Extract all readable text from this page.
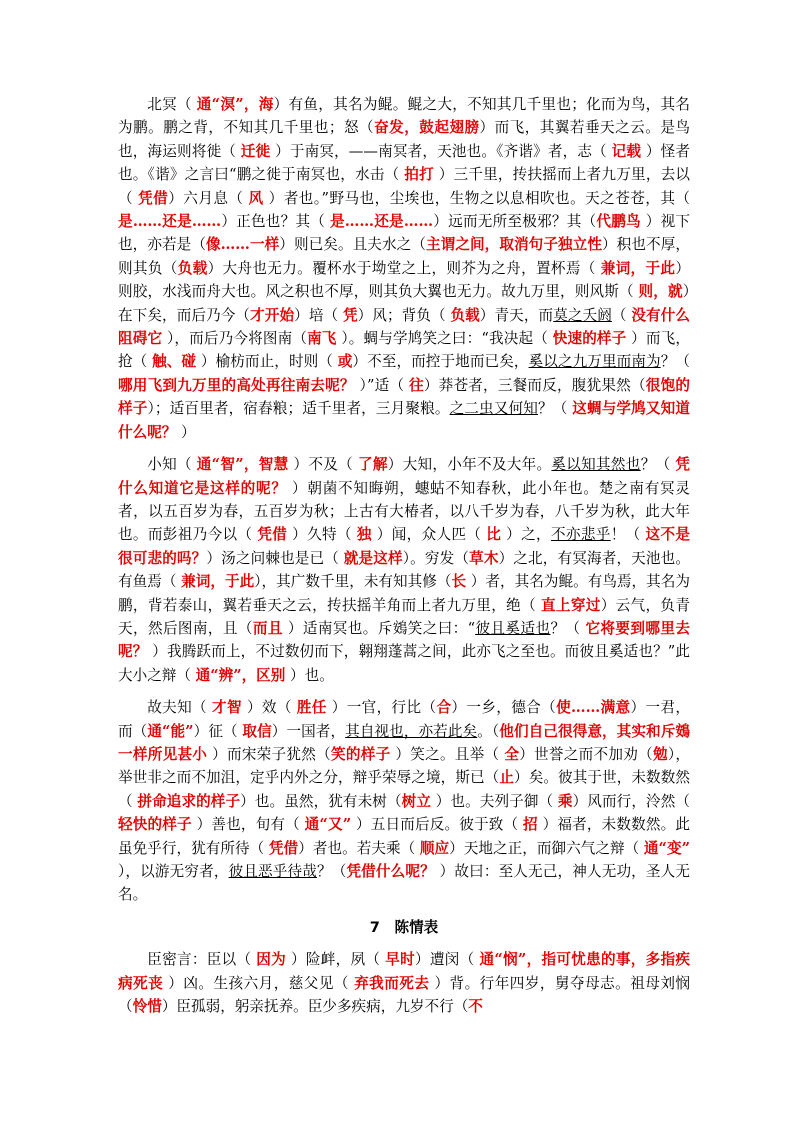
北冥（ 通“溟”，海）有鱼，其名为鲲。鲲之大，不知其几千里也；化而为鸟，其名为鹏。鹏之背，不知其几千里也；怒（奋发，鼓起翅膀）而飞，其翼若垂天之云。是鸟也，海运则将徙（ 迁徙 ）于南冥，——南冥者，天池也。《齐谐》者，志（ 记载 ）怪者也。《谐》之言曰“鹏之徙于南冥也，水击（ 拍打 ）三千里，抟扶摇而上者九万里，去以（ 凭借）六月息（ 风 ）者也。”野马也，尘埃也，生物之以息相吹也。天之苍苍，其（ 是……还是……）正色也？其（ 是……还是……）远而无所至极邪？其（代鹏鸟 ）视下也，亦若是（像……一样）则已矣。且夫水之（主谓之间，取消句子独立性）积也不厚，则其负（负载）大舟也无力。覆杯水于坳堂之上，则芥为之舟，置杯焉（ 兼词，于此）则胶，水浅而舟大也。风之积也不厚，则其负大翼也无力。故九万里，则风斯（ 则，就）在下矣，而后乃今（才开始）培（ 凭）风；背负（ 负载）青天，而莫之夭阏（ 没有什么阻碍它 ），而后乃今将图南（南飞 ）。蜩与学鸠笑之曰：“我决起（ 快速的样子 ）而飞，抢（ 触、碰 ）榆枋而止，时则（ 或）不至，而控于地而已矣，奚以之九万里而南为？（ 哪用飞到九万里的高处再往南去呢？ ）”适（ 往）莽苍者，三餐而反，腹犹果然（很饱的样子）；适百里者，宿舂粮；适千里者，三月聚粮。之二虫又何知？（ 这蜩与学鸠又知道什么呢？ ）

小知（ 通“智”，智慧 ）不及（ 了解）大知，小年不及大年。奚以知其然也？（ 凭什么知道它是这样的呢？ ）朝菌不知晦朔，蟪蛄不知春秋，此小年也。楚之南有冥灵者，以五百岁为春，五百岁为秋；上古有大椿者，以八千岁为春，八千岁为秋，此大年也。而彭祖乃今以（ 凭借 ）久特（ 独 ）闻，众人匹（ 比 ）之，不亦悲乎！（ 这不是很可悲的吗？）汤之问棘也是已（ 就是这样）。穷发（草木）之北，有冥海者，天池也。有鱼焉（ 兼词，于此），其广数千里，未有知其修（长 ）者，其名为鲲。有鸟焉，其名为鹏，背若泰山，翼若垂天之云，抟扶摇羊角而上者九万里，绝（ 直上穿过）云气，负青天，然后图南，且（而且 ）适南冥也。斥鴳笑之曰：“彼且奚适也？（ 它将要到哪里去呢？ ）我腾跃而上，不过数仞而下，翱翔蓬蒿之间，此亦飞之至也。而彼且奚适也？”此大小之辩（ 通“辨”，区别 ）也。

故夫知（ 才智 ）效（ 胜任 ）一官，行比（合）一乡，德合（使……满意）一君，而（通“能”）征（ 取信）一国者，其自视也，亦若此矣。（他们自己很得意，其实和斥鴳一样所见甚小 ）而宋荣子犹然（笑的样子 ）笑之。且举（ 全）世誉之而不加劝（勉），举世非之而不加沮，定乎内外之分，辩乎荣辱之境，斯已（止）矣。彼其于世，未数数然（ 拼命追求的样子）也。虽然，犹有未树（树立 ）也。夫列子御（ 乘）风而行，泠然（ 轻快的样子 ）善也，旬有（ 通“又” ）五日而后反。彼于致（ 招 ）福者，未数数然。此虽免乎行，犹有所待（ 凭借）者也。若夫乘（ 顺应）天地之正，而御六气之辩（ 通“变” ），以游无穷者，彼且恶乎待哉？（凭借什么呢？ ）故曰：至人无己，神人无功，圣人无名。

7　陈情表

臣密言：臣以（ 因为 ）险衅，夙（ 早时）遭闵（ 通“悯”，指可忧患的事，多指疾病死丧 ）凶。生孩六月，慈父见（ 弃我而死去 ）背。行年四岁，舅夺母志。祖母刘悯（怜惜）臣孤弱，躬亲抚养。臣少多疾病，九岁不行（不
